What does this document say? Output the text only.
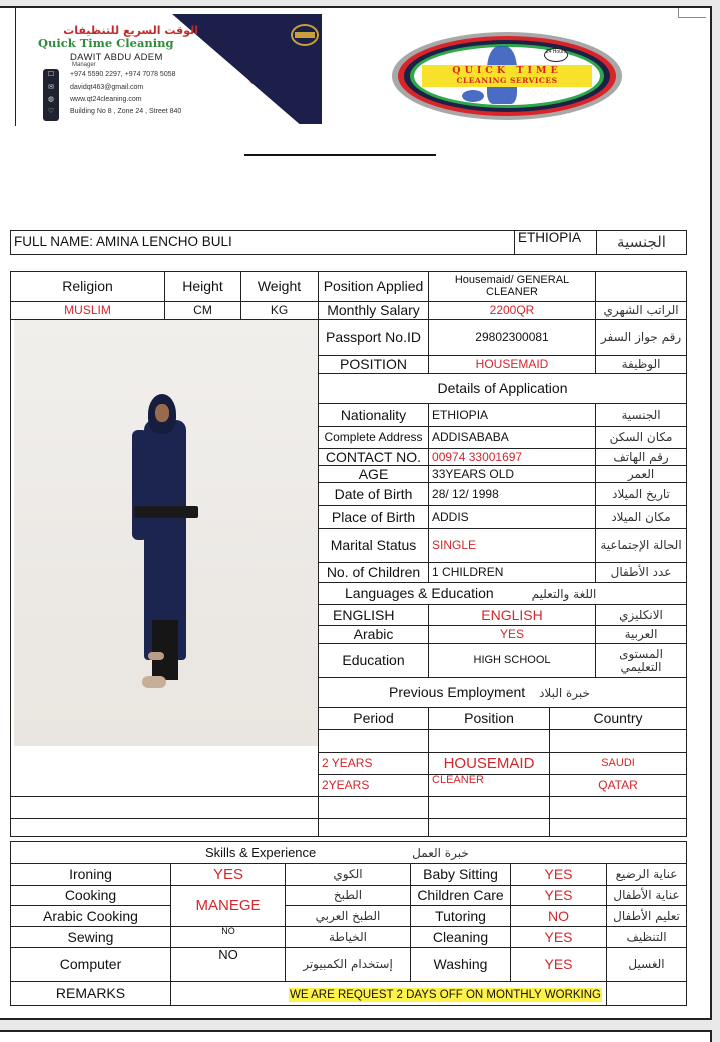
الوقت السريع للتنظيفات
Quick Time Cleaning
DAWIT ABDU ADEM
Manager
☐
✉
◍
♡
+974 5590 2297, +974 7078 5058
davidqt463@gmail.com
www.qt24cleaning.com
Building No 8 , Zone 24 , Street 840
QUICK TIME
CLEANING SERVICES
24 Hours
FULL NAME: AMINA LENCHO BULI	ETHIOPIA	الجنسية
Religion	Height	Weight	Position Applied	Housemaid/ GENERAL CLEANER		
MUSLIM	CM	KG	Monthly Salary	2200QR		الراتب الشهري
			Passport No.ID	29802300081		رقم جواز السفر
			POSITION	HOUSEMAID		الوظيفة
			Details of Application			
			Nationality	ETHIOPIA		الجنسية
			Complete Address	ADDISABABA		مكان السكن
			CONTACT NO.	00974 33001697		رقم الهاتف
			AGE	33YEARS OLD		العمر
			Date of Birth	28/ 12/ 1998		تاريخ الميلاد
			Place of Birth	ADDIS		مكان الميلاد
			Marital Status	SINGLE		الحالة الإجتماعية
			No. of Children	1 CHILDREN		عدد الأطفال
			Languages & Education اللغة والتعليم			
			ENGLISH	ENGLISH		الانكليزي
			Arabic	YES		العربية
			Education	HIGH SCHOOL		المستوى التعليمي
			Previous Employment خبرة البلاد			
			Period	Position	Country	

			2 YEARS	HOUSEMAID	SAUDI	
			2YEARS	CLEANER	QATAR	

Skills & Experience خبرة العمل					
Ironing	YES	الكوي	Baby Sitting	YES	عناية الرضيع
Cooking	MANEGE	الطبخ	Children Care	YES	عناية الأطفال
Arabic Cooking		الطبخ العربي	Tutoring	NO	تعليم الأطفال
Sewing	NO	الخياطة	Cleaning	YES	التنظيف
Computer	NO	إستخدام الكمبيوتر	Washing	YES	الغسيل
REMARKS	WE ARE REQUEST 2 DAYS OFF ON MONTHLY WORKING				
